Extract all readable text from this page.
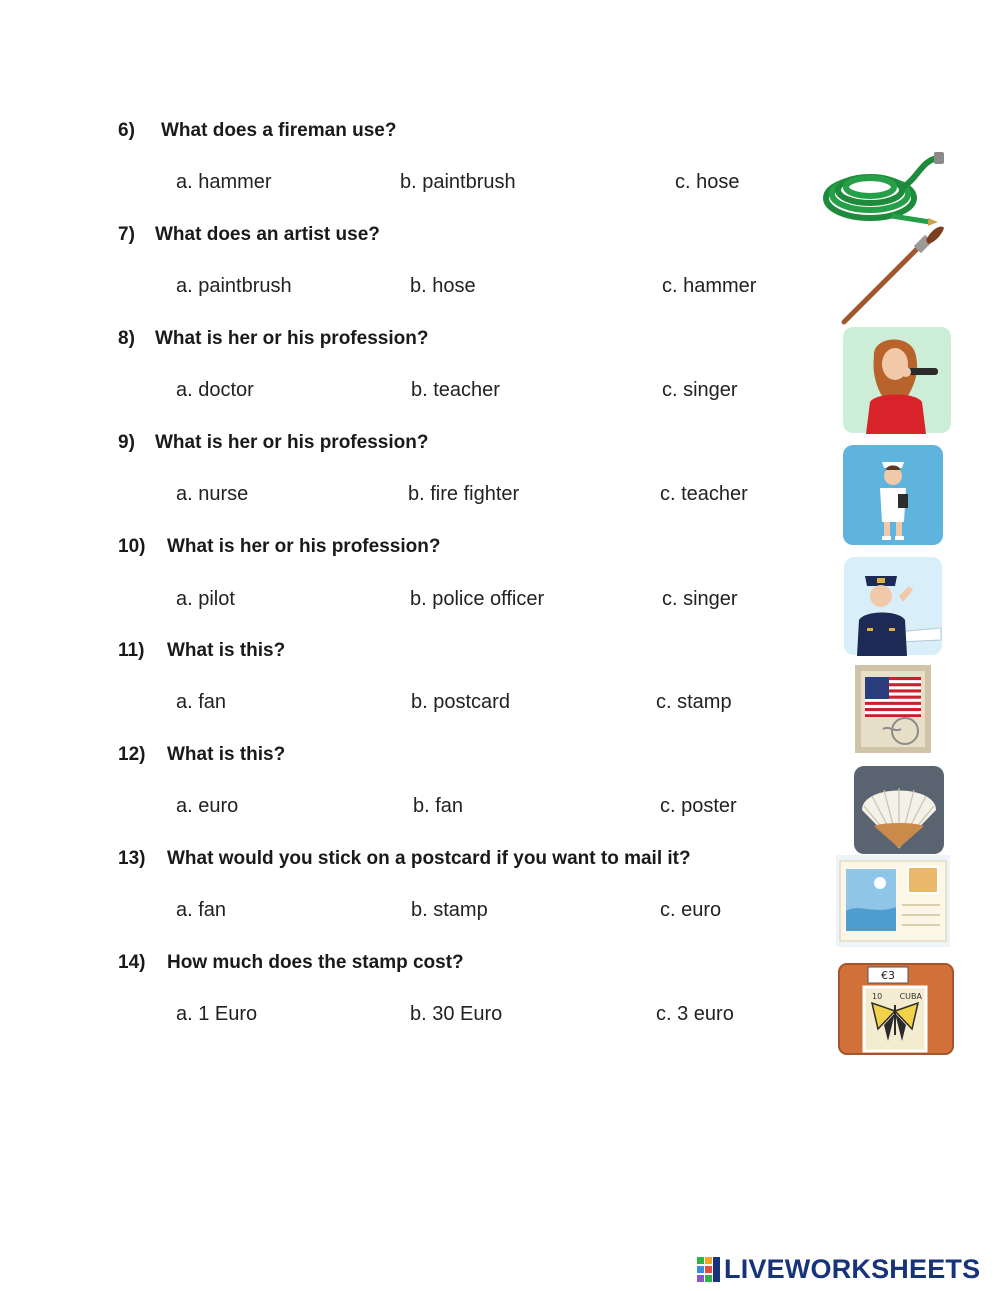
6) What does a fireman use?
a. hammer	b. paintbrush	c. hose
7) What does an artist use?
a. paintbrush	b. hose	c. hammer
8) What is her or his profession?
a. doctor	b. teacher	c. singer
9) What is her or his profession?
a. nurse	b. fire fighter	c. teacher
10) What is her or his profession?
a. pilot	b. police officer	c. singer
11) What is this?
a. fan	b. postcard	c. stamp
12) What is this?
a. euro	b. fan	c. poster
13) What would you stick on a postcard if you want to mail it?
a. fan	b. stamp	c. euro
14) How much does the stamp cost?
a. 1 Euro	b. 30 Euro	c. 3 euro
€3
10 CUBA
LIVEWORKSHEETS
